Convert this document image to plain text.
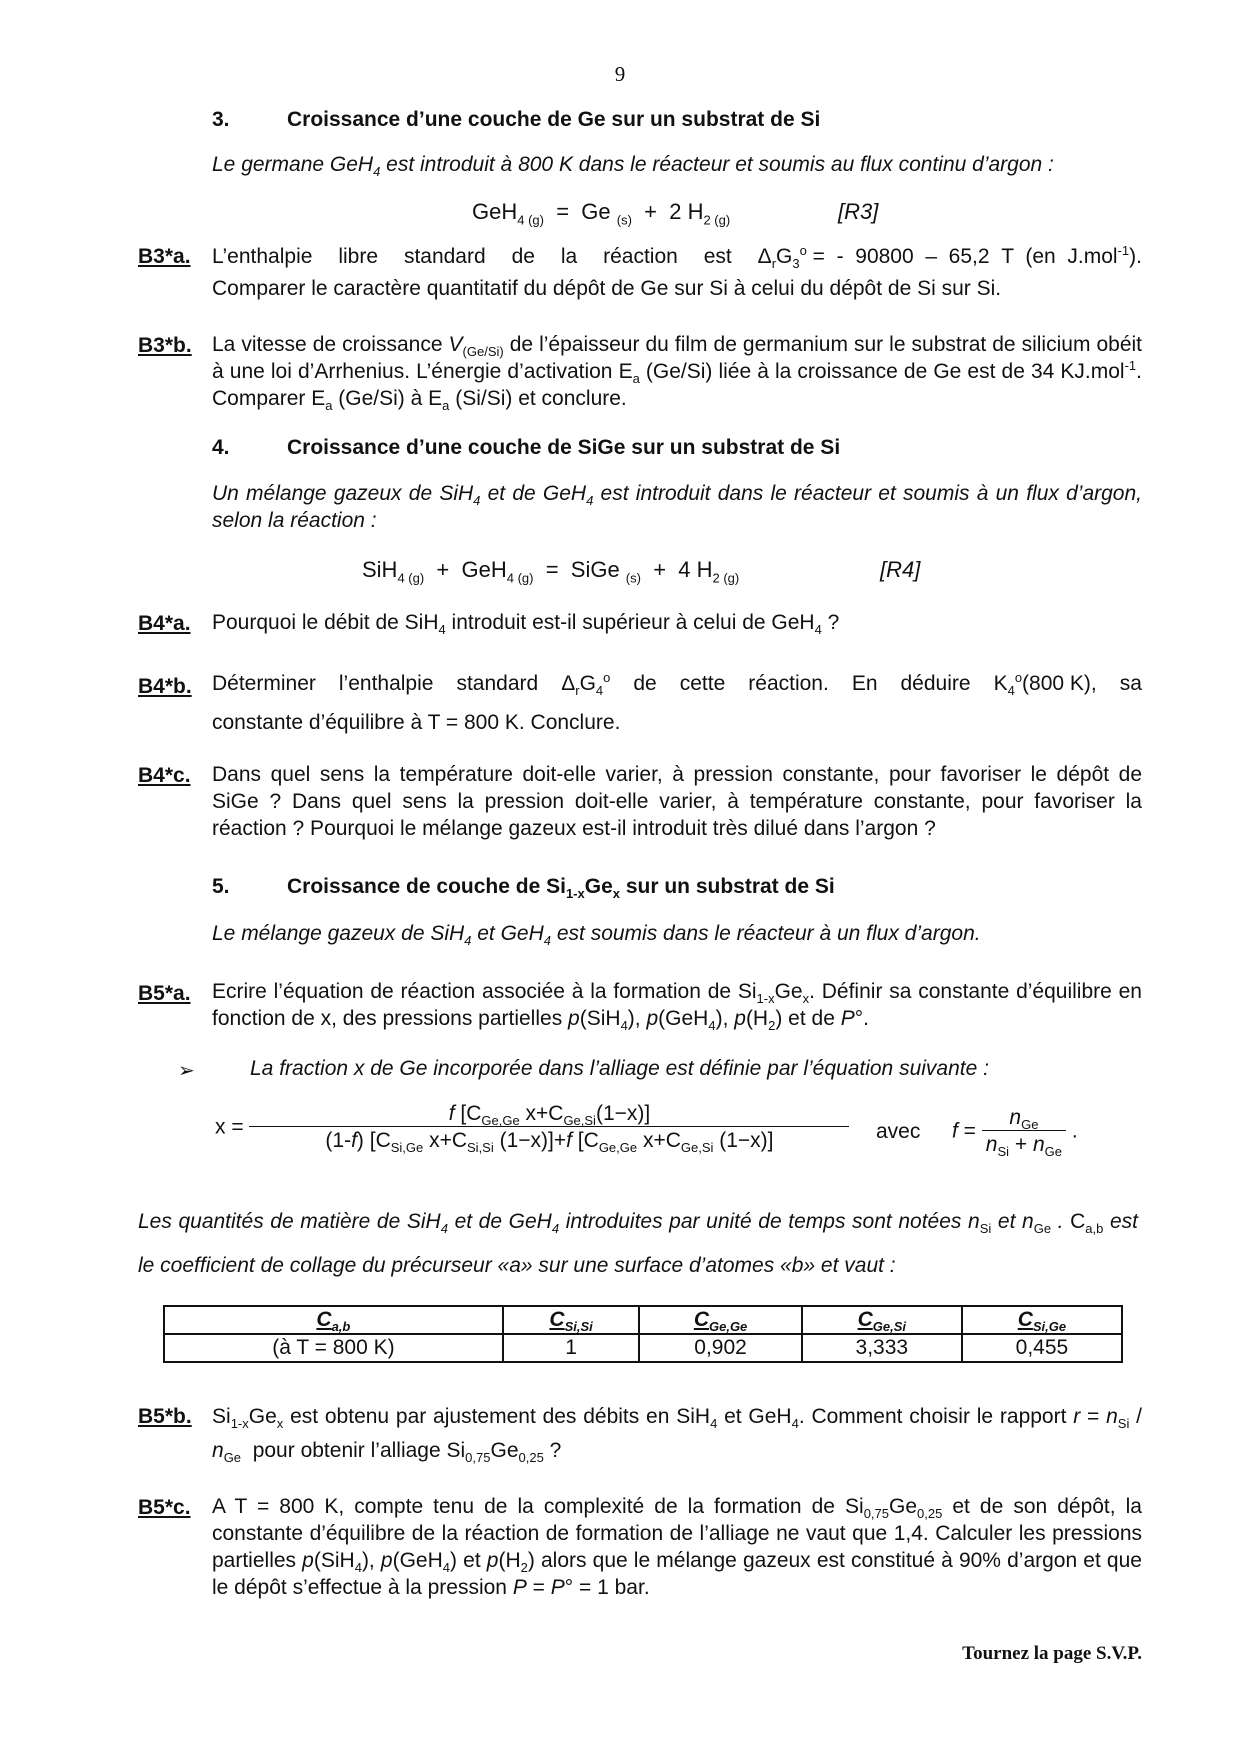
9
3.	Croissance d’une couche de Ge sur un substrat de Si
Le germane GeH$_4$ est introduit à 800 K dans le réacteur et soumis au flux continu d’argon :
GeH$_{4 (g)}$  =  Ge $_{(s)}$  +  2 $H_{2 (g)}$	[R3]
B3*a. L’enthalpie libre standard de la réaction est $\Delta_rG_3^o$ =  -  90800  –  65,2  T  (en  J.mol$^{-1}$).
Comparer le caractère quantitatif du dépôt de Ge sur Si à celui du dépôt de Si sur Si.
B3*b. La vitesse de croissance $V_{(Ge/Si)}$ de l’épaisseur du film de germanium sur le substrat de silicium obéit à une loi d’Arrhenius. L’énergie d’activation $E_a$ (Ge/Si) liée à la croissance de Ge est de 34 KJ.mol$^{-1}$. Comparer $E_a$ (Ge/Si) à $E_a$ (Si/Si) et conclure.
4.	Croissance d’une couche de SiGe sur un substrat de Si
Un mélange gazeux de SiH$_4$ et de GeH$_4$ est introduit dans le réacteur et soumis à un flux d’argon, selon la réaction :
SiH$_{4 (g)}$  +  GeH$_{4 (g)}$  =  SiGe $_{(s)}$  +  4 $H_{2 (g)}$	[R4]
B4*a. Pourquoi le débit de SiH$_4$ introduit est-il supérieur à celui de GeH$_4$ ?
B4*b. Déterminer l’enthalpie standard $\Delta_rG_4^o$ de cette réaction. En déduire $K_4^o(800$ K), sa
constante d’équilibre à T = 800 K. Conclure.
B4*c. Dans quel sens la température doit-elle varier, à pression constante, pour favoriser le dépôt de SiGe ? Dans quel sens la pression doit-elle varier, à température constante, pour favoriser la réaction ? Pourquoi le mélange gazeux est-il introduit très dilué dans l’argon ?
5.	Croissance de couche de $Si_{1-x}Ge_x$ sur un substrat de Si
Le mélange gazeux de SiH$_4$ et GeH$_4$ est soumis dans le réacteur à un flux d’argon.
B5*a. Ecrire l’équation de réaction associée à la formation de $Si_{1-x}Ge_x$. Définir sa constante d’équilibre en fonction de x, des pressions partielles p(SiH$_4$), p(GeH$_4$), $p(H_2)$ et de P°.
➢	La fraction x de Ge incorporée dans l’alliage est définie par l’équation suivante :
$x = \frac{f [C_{Ge,Ge} x+C_{Ge,Si}(1-x)]}{(1-f) [C_{Si,Ge} x+C_{Si,Si} (1-x)]+f [C_{Ge,Ge} x+C_{Ge,Si} (1-x)]}$ avec $f = \frac{n_{Ge}}{n_{Si} + n_{Ge}}$ .
Les quantités de matière de SiH$_4$ et de GeH$_4$ introduites par unité de temps sont notées $n_{Si}$ et $n_{Ge}$ . $C_{a,b}$ est le coefficient de collage du précurseur «a» sur une surface d’atomes «b» et vaut :
$C_{a,b}$	$C_{Si,Si}$	$C_{Ge,Ge}$	$C_{Ge,Si}$	$C_{Si,Ge}$
(à T = 800 K)	1	0,902	3,333	0,455
B5*b. $Si_{1-x}Ge_x$ est obtenu par ajustement des débits en SiH$_4$ et GeH$_4$. Comment choisir le rapport $r = n_{Si} / n_{Ge}$  pour obtenir l’alliage $Si_{0,75}Ge_{0,25}$ ?
B5*c. A T = 800 K, compte tenu de la complexité de la formation de $Si_{0,75}Ge_{0,25}$ et de son dépôt, la constante d’équilibre de la réaction de formation de l’alliage ne vaut que 1,4. Calculer les pressions partielles p(SiH$_4$), p(GeH$_4$) et $p(H_2)$ alors que le mélange gazeux est constitué à 90% d’argon et que le dépôt s’effectue à la pression P = P° = 1 bar.
Tournez la page S.V.P.
